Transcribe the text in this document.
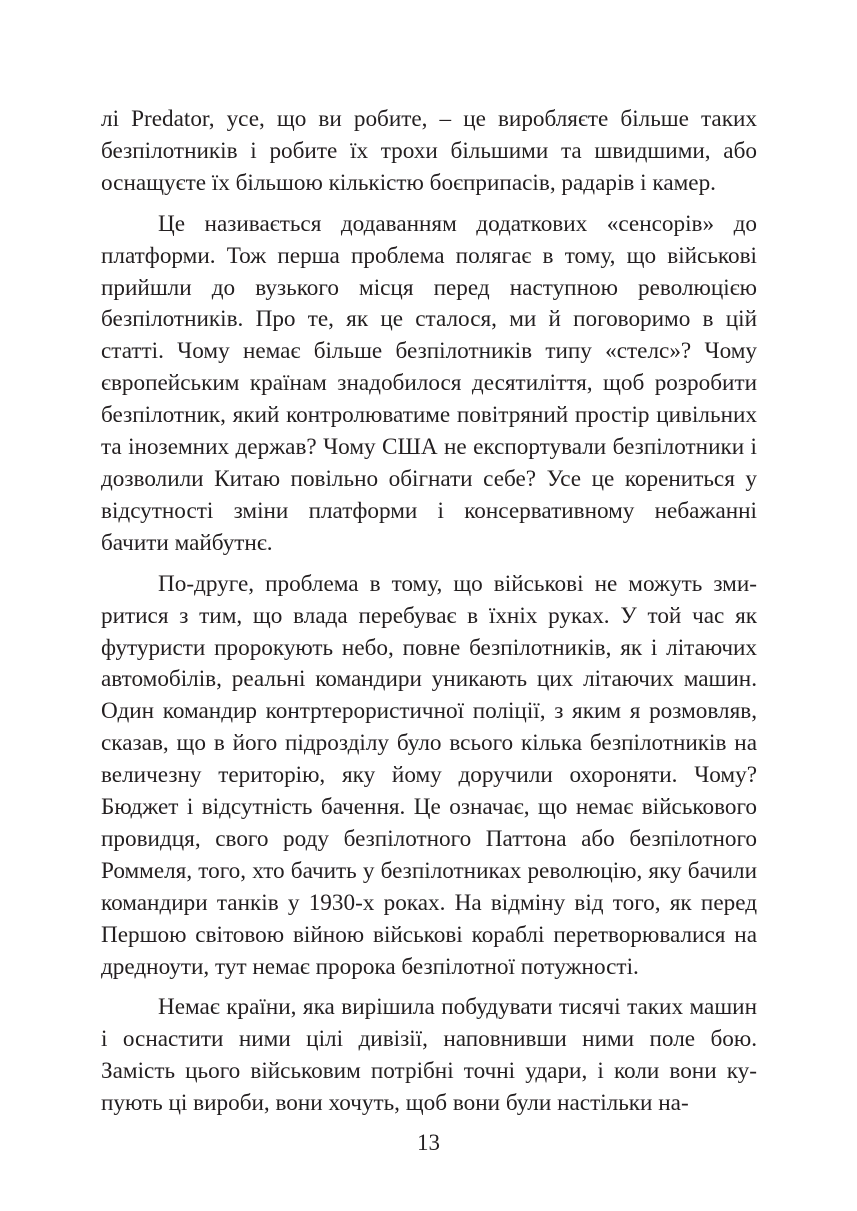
лі Predator, усе, що ви робите, – це виробляєте більше таких безпілотників і робите їх трохи більшими та швидшими, або оснащуєте їх більшою кількістю боєприпасів, радарів і камер.

Це називається додаванням додаткових «сенсорів» до платформи. Тож перша проблема полягає в тому, що військові прийшли до вузького місця перед наступною революцією безпілотників. Про те, як це сталося, ми й поговоримо в цій статті. Чому немає більше безпілотників типу «стелс»? Чому європейським країнам знадобилося десятиліття, щоб розробити безпілотник, який контролюватиме повітряний простір цивільних та іноземних держав? Чому США не експортували безпілотники і дозволили Китаю повільно обігнати себе? Усе це корениться у відсутності зміни платформи і консервативному небажанні бачити майбутнє.

По-друге, проблема в тому, що військові не можуть змиритися з тим, що влада перебуває в їхніх руках. У той час як футуристи пророкують небо, повне безпілотників, як і літаючих автомобілів, реальні командири уникають цих літаючих машин. Один командир контртерористичної поліції, з яким я розмовляв, сказав, що в його підрозділу було всього кілька безпілотників на величезну територію, яку йому доручили охороняти. Чому? Бюджет і відсутність бачення. Це означає, що немає військового провидця, свого роду безпілотного Паттона або безпілотного Роммеля, того, хто бачить у безпілотниках революцію, яку бачили командири танків у 1930-х роках. На відміну від того, як перед Першою світовою війною військові кораблі перетворювалися на дредноути, тут немає пророка безпілотної потужності.

Немає країни, яка вирішила побудувати тисячі таких машин і оснастити ними цілі дивізії, наповнивши ними поле бою. Замість цього військовим потрібні точні удари, і коли вони купують ці вироби, вони хочуть, щоб вони були настільки на-

13
